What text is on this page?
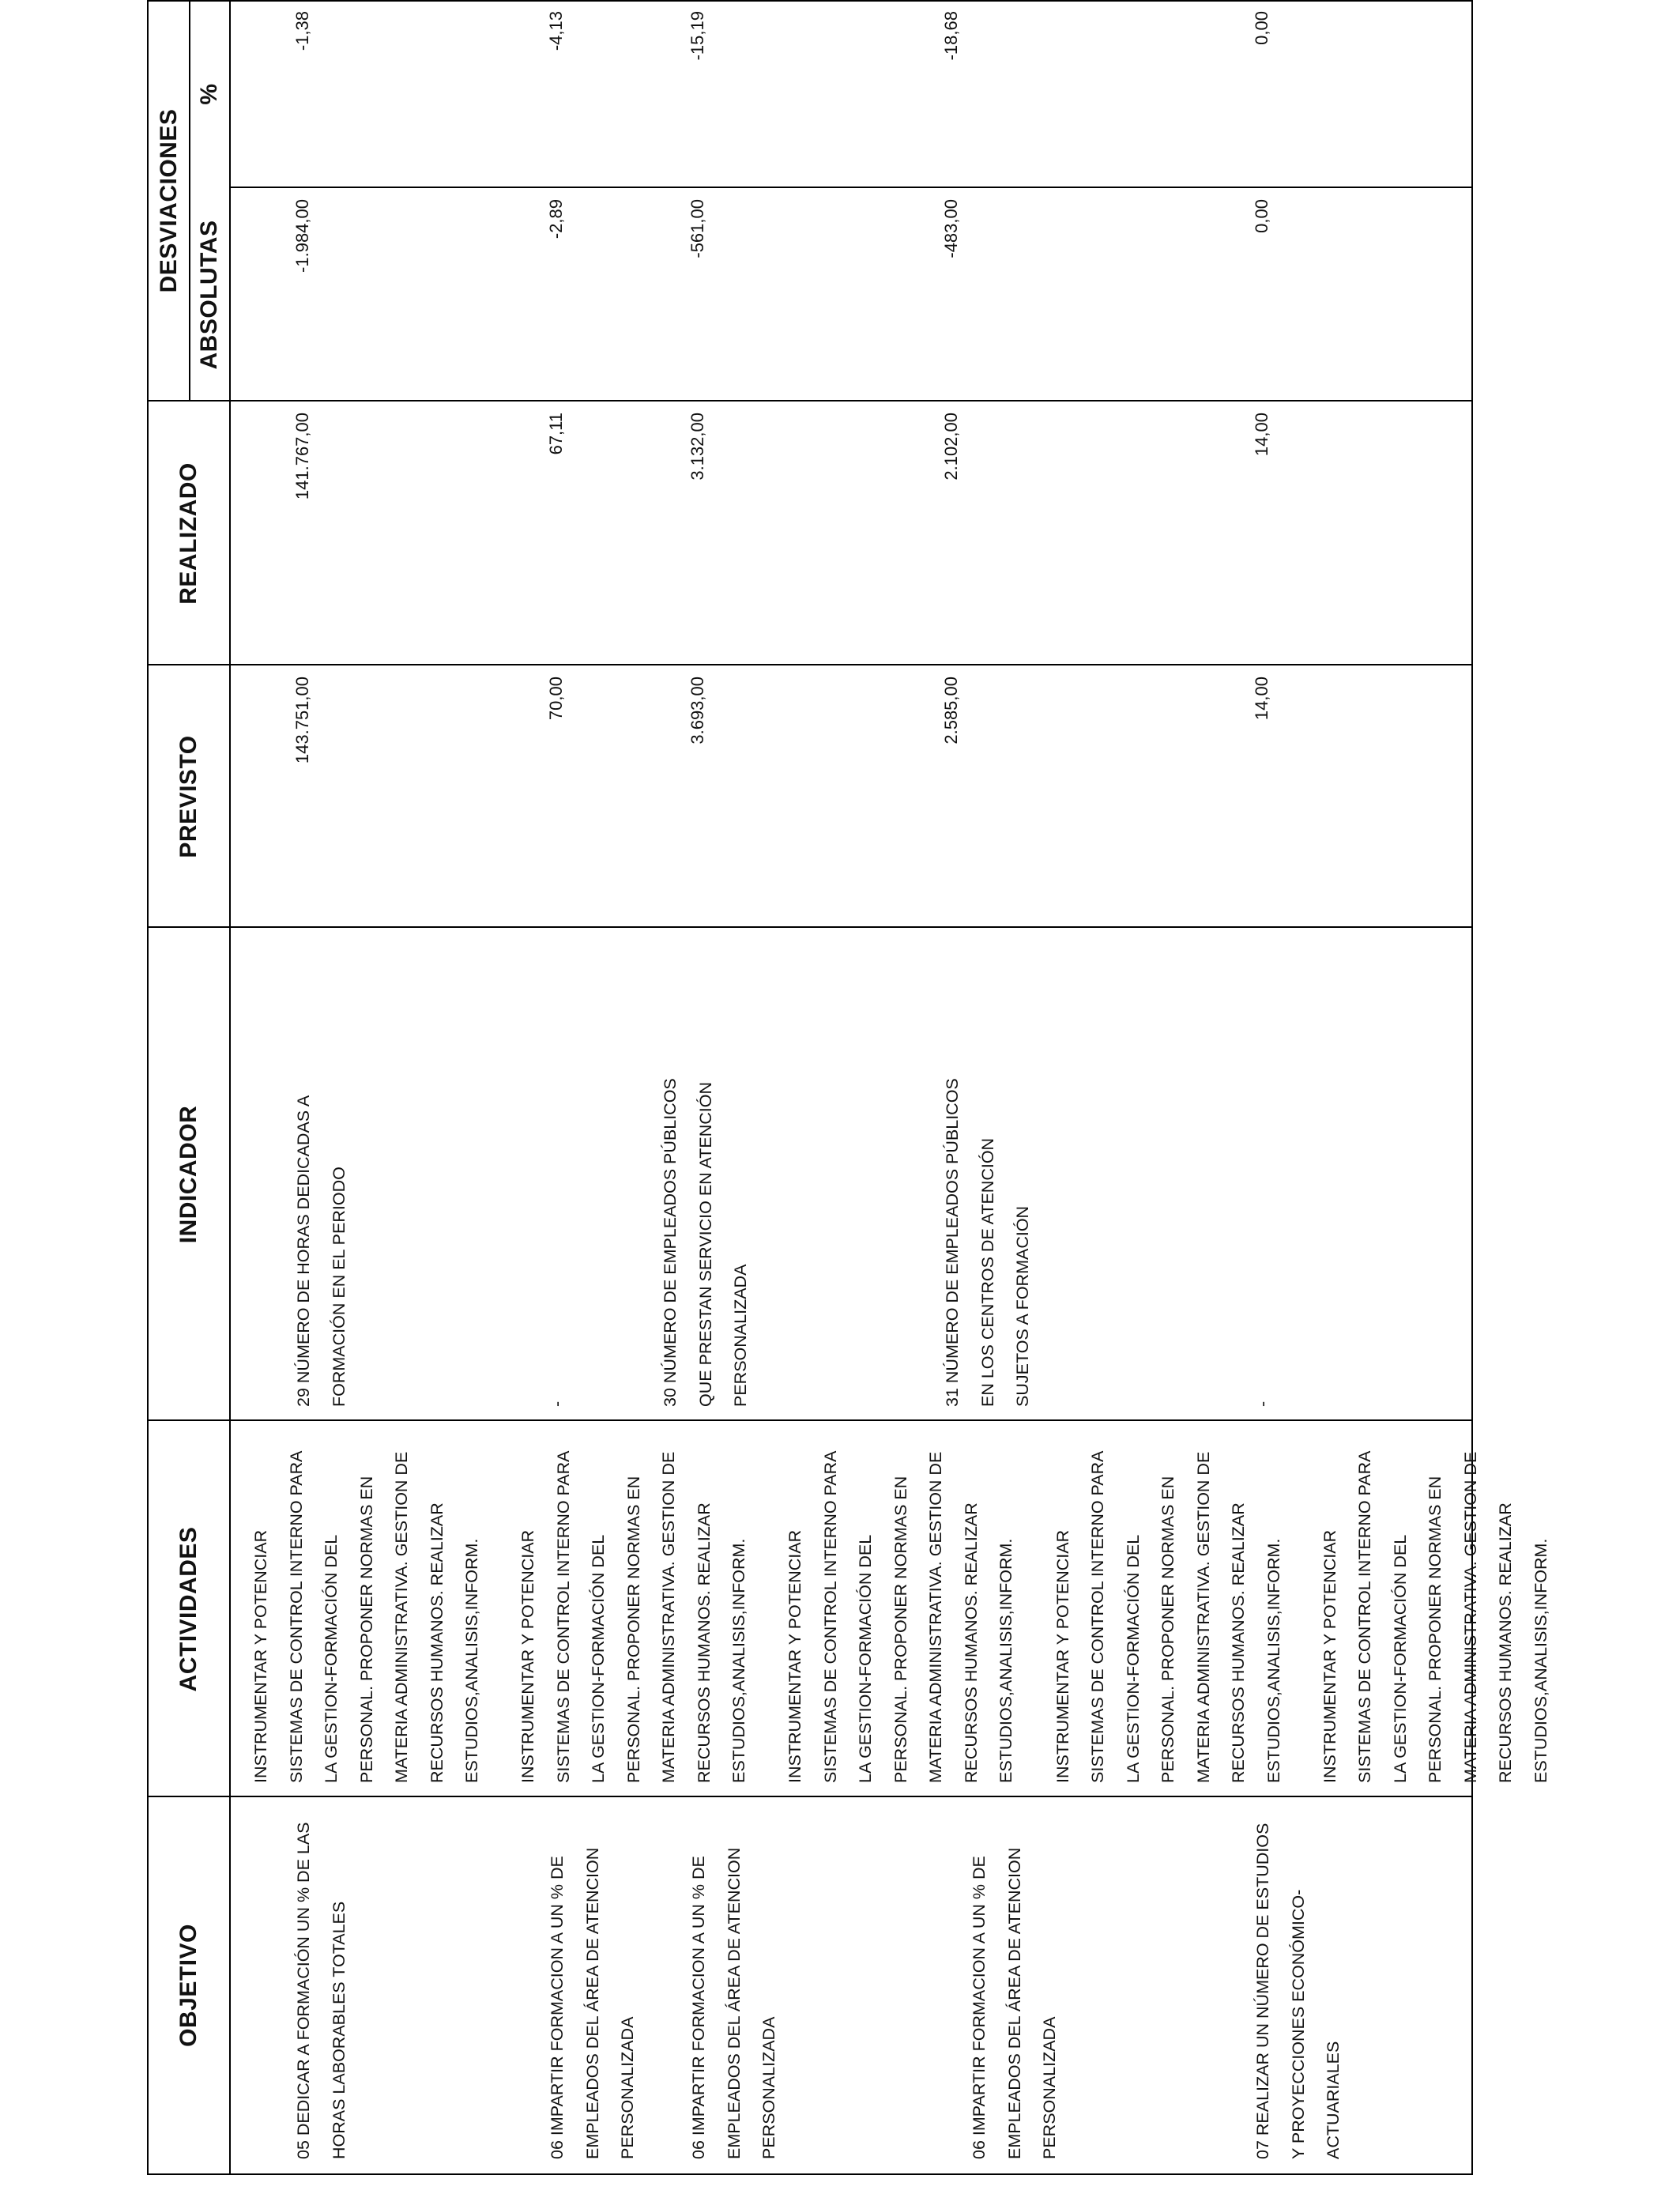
OBJETIVO
ACTIVIDADES
INDICADOR
PREVISTO
REALIZADO
DESVIACIONES
ABSOLUTAS
%
05 DEDICAR A FORMACIÓN UN % DE LAS HORAS LABORABLES TOTALES
INSTRUMENTAR Y POTENCIAR SISTEMAS DE CONTROL INTERNO PARA LA GESTION-FORMACIÓN DEL PERSONAL. PROPONER NORMAS EN MATERIA ADMINISTRATIVA. GESTION DE RECURSOS HUMANOS. REALIZAR ESTUDIOS,ANALISIS,INFORM.
29 NÚMERO DE HORAS DEDICADAS A FORMACIÓN EN EL PERIODO
143.751,00
141.767,00
-1.984,00
-1,38
06 IMPARTIR FORMACION A UN % DE EMPLEADOS DEL ÁREA DE ATENCION PERSONALIZADA
INSTRUMENTAR Y POTENCIAR SISTEMAS DE CONTROL INTERNO PARA LA GESTION-FORMACIÓN DEL PERSONAL. PROPONER NORMAS EN MATERIA ADMINISTRATIVA. GESTION DE RECURSOS HUMANOS. REALIZAR ESTUDIOS,ANALISIS,INFORM.
-
70,00
67,11
-2,89
-4,13
06 IMPARTIR FORMACION A UN % DE EMPLEADOS DEL ÁREA DE ATENCION PERSONALIZADA
INSTRUMENTAR Y POTENCIAR SISTEMAS DE CONTROL INTERNO PARA LA GESTION-FORMACIÓN DEL PERSONAL. PROPONER NORMAS EN MATERIA ADMINISTRATIVA. GESTION DE RECURSOS HUMANOS. REALIZAR ESTUDIOS,ANALISIS,INFORM.
30 NÚMERO DE EMPLEADOS PÚBLICOS QUE PRESTAN SERVICIO EN ATENCIÓN PERSONALIZADA
3.693,00
3.132,00
-561,00
-15,19
06 IMPARTIR FORMACION A UN % DE EMPLEADOS DEL ÁREA DE ATENCION PERSONALIZADA
INSTRUMENTAR Y POTENCIAR SISTEMAS DE CONTROL INTERNO PARA LA GESTION-FORMACIÓN DEL PERSONAL. PROPONER NORMAS EN MATERIA ADMINISTRATIVA. GESTION DE RECURSOS HUMANOS. REALIZAR ESTUDIOS,ANALISIS,INFORM.
31 NÚMERO DE EMPLEADOS PÚBLICOS EN LOS CENTROS DE ATENCIÓN SUJETOS A FORMACIÓN
2.585,00
2.102,00
-483,00
-18,68
07 REALIZAR UN NÚMERO DE ESTUDIOS Y PROYECCIONES ECONÓMICO- ACTUARIALES
INSTRUMENTAR Y POTENCIAR SISTEMAS DE CONTROL INTERNO PARA LA GESTION-FORMACIÓN DEL PERSONAL. PROPONER NORMAS EN MATERIA ADMINISTRATIVA. GESTION DE RECURSOS HUMANOS. REALIZAR ESTUDIOS,ANALISIS,INFORM.
-
14,00
14,00
0,00
0,00
